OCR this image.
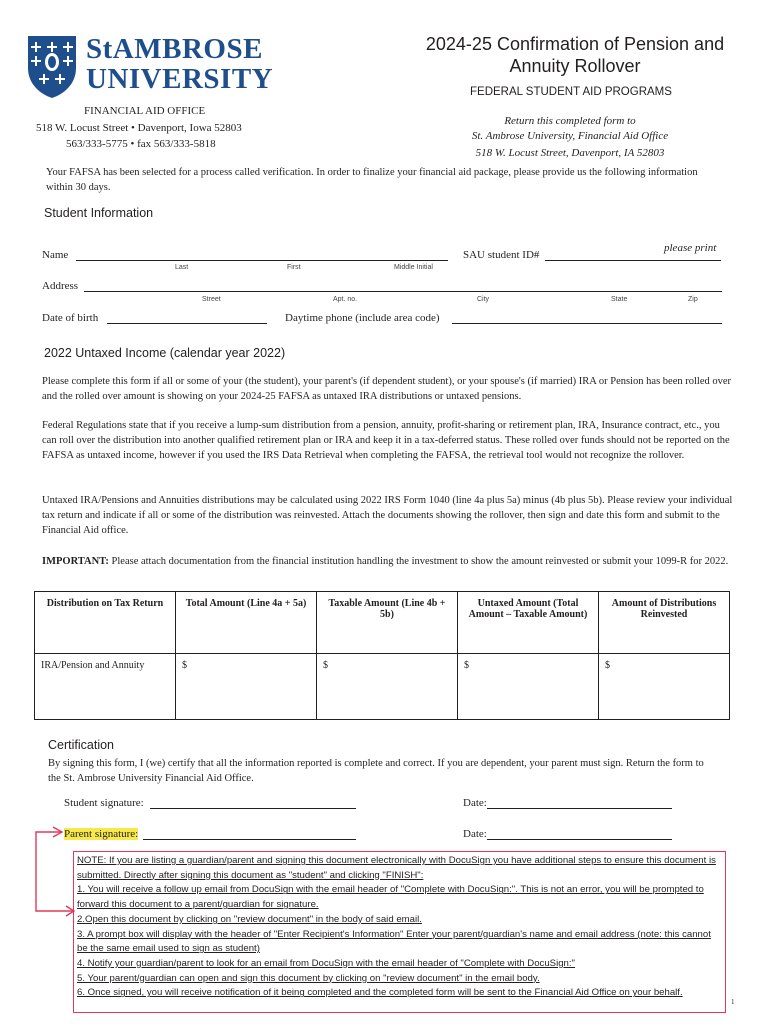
StAMBROSE
UNIVERSITY
2024-25 Confirmation of Pension and Annuity Rollover
FEDERAL STUDENT AID PROGRAMS
FINANCIAL AID OFFICE
518 W. Locust Street • Davenport, Iowa 52803
563/333-5775 • fax 563/333-5818
Return this completed form to
St. Ambrose University, Financial Aid Office
518 W. Locust Street, Davenport, IA 52803
Your FAFSA has been selected for a process called verification. In order to finalize your financial aid package, please provide us the following information within 30 days.
Student Information
please print
Name	SAU student ID#
Last	First	Middle Initial
Address
Street	Apt. no.	City	State	Zip
Date of birth	Daytime phone (include area code)
2022 Untaxed Income (calendar year 2022)
Please complete this form if all or some of your (the student), your parent's (if dependent student), or your spouse's (if married) IRA or Pension has been rolled over and the rolled over amount is showing on your 2024-25 FAFSA as untaxed IRA distributions or untaxed pensions.
Federal Regulations state that if you receive a lump-sum distribution from a pension, annuity, profit-sharing or retirement plan, IRA, Insurance contract, etc., you can roll over the distribution into another qualified retirement plan or IRA and keep it in a tax-deferred status. These rolled over funds should not be reported on the FAFSA as untaxed income, however if you used the IRS Data Retrieval when completing the FAFSA, the retrieval tool would not recognize the rollover.
Untaxed IRA/Pensions and Annuities distributions may be calculated using 2022 IRS Form 1040 (line 4a plus 5a) minus (4b plus 5b). Please review your individual tax return and indicate if all or some of the distribution was reinvested. Attach the documents showing the rollover, then sign and date this form and submit to the Financial Aid office.
IMPORTANT: Please attach documentation from the financial institution handling the investment to show the amount reinvested or submit your 1099-R for 2022.
Distribution on Tax Return	Total Amount (Line 4a + 5a)	Taxable Amount (Line 4b + 5b)	Untaxed Amount (Total Amount – Taxable Amount)	Amount of Distributions Reinvested
IRA/Pension and Annuity	$	$	$	$
Certification
By signing this form, I (we) certify that all the information reported is complete and correct. If you are dependent, your parent must sign. Return the form to the St. Ambrose University Financial Aid Office.
Student signature:	Date:
Parent signature:	Date:
NOTE: If you are listing a guardian/parent and signing this document electronically with DocuSign you have additional steps to ensure this document is submitted. Directly after signing this document as "student" and clicking "FINISH":
1. You will receive a follow up email from DocuSign with the email header of "Complete with DocuSign:". This is not an error, you will be prompted to forward this document to a parent/guardian for signature.
2.Open this document by clicking on "review document" in the body of said email.
3. A prompt box will display with the header of "Enter Recipient's Information" Enter your parent/guardian's name and email address (note: this cannot be the same email used to sign as student)
4. Notify your guardian/parent to look for an email from DocuSign with the email header of "Complete with DocuSign:"
5. Your parent/guardian can open and sign this document by clicking on "review document" in the email body.
6. Once signed, you will receive notification of it being completed and the completed form will be sent to the Financial Aid Office on your behalf.
1
